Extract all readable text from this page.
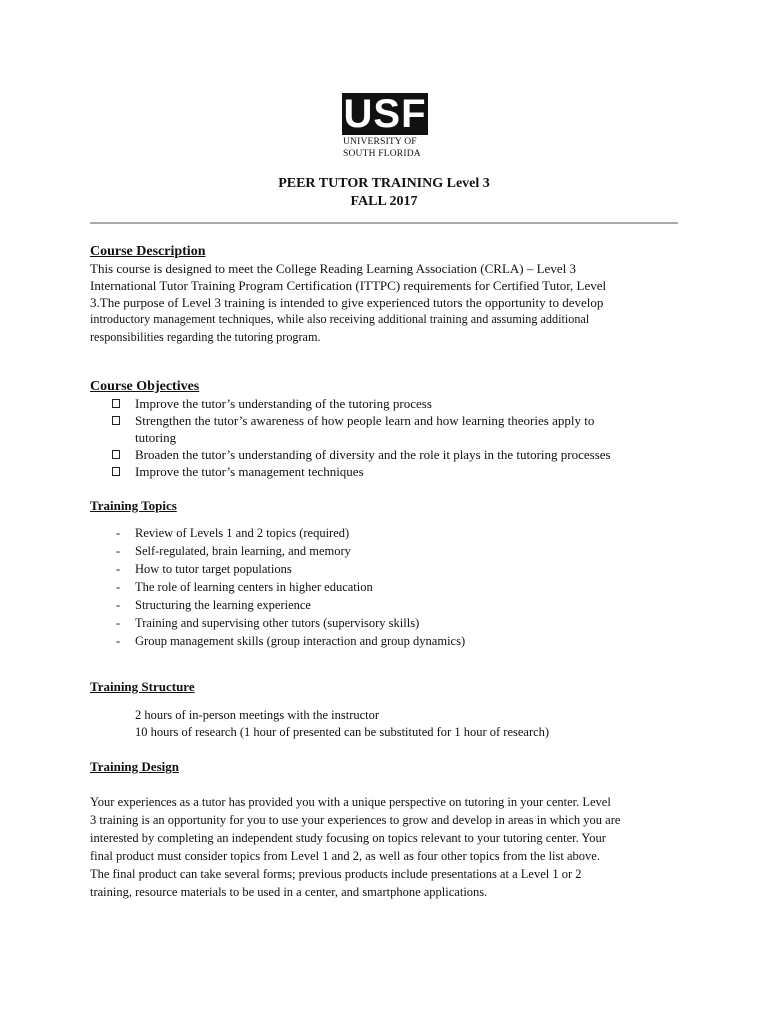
USF
UNIVERSITY OF
SOUTH FLORIDA
PEER TUTOR TRAINING Level 3
FALL 2017
Course Description
This course is designed to meet the College Reading Learning Association (CRLA) – Level 3
International Tutor Training Program Certification (ITTPC) requirements for Certified Tutor, Level
3.The purpose of Level 3 training is intended to give experienced tutors the opportunity to develop
introductory management techniques, while also receiving additional training and assuming additional
responsibilities regarding the tutoring program.
Course Objectives
Improve the tutor’s understanding of the tutoring process
Strengthen the tutor’s awareness of how people learn and how learning theories apply to
tutoring
Broaden the tutor’s understanding of diversity and the role it plays in the tutoring processes
Improve the tutor’s management techniques
Training Topics
- Review of Levels 1 and 2 topics (required)
- Self-regulated, brain learning, and memory
- How to tutor target populations
- The role of learning centers in higher education
- Structuring the learning experience
- Training and supervising other tutors (supervisory skills)
- Group management skills (group interaction and group dynamics)
Training Structure
2 hours of in-person meetings with the instructor
10 hours of research (1 hour of presented can be substituted for 1 hour of research)
Training Design
Your experiences as a tutor has provided you with a unique perspective on tutoring in your center. Level
3 training is an opportunity for you to use your experiences to grow and develop in areas in which you are
interested by completing an independent study focusing on topics relevant to your tutoring center. Your
final product must consider topics from Level 1 and 2, as well as four other topics from the list above.
The final product can take several forms; previous products include presentations at a Level 1 or 2
training, resource materials to be used in a center, and smartphone applications.
